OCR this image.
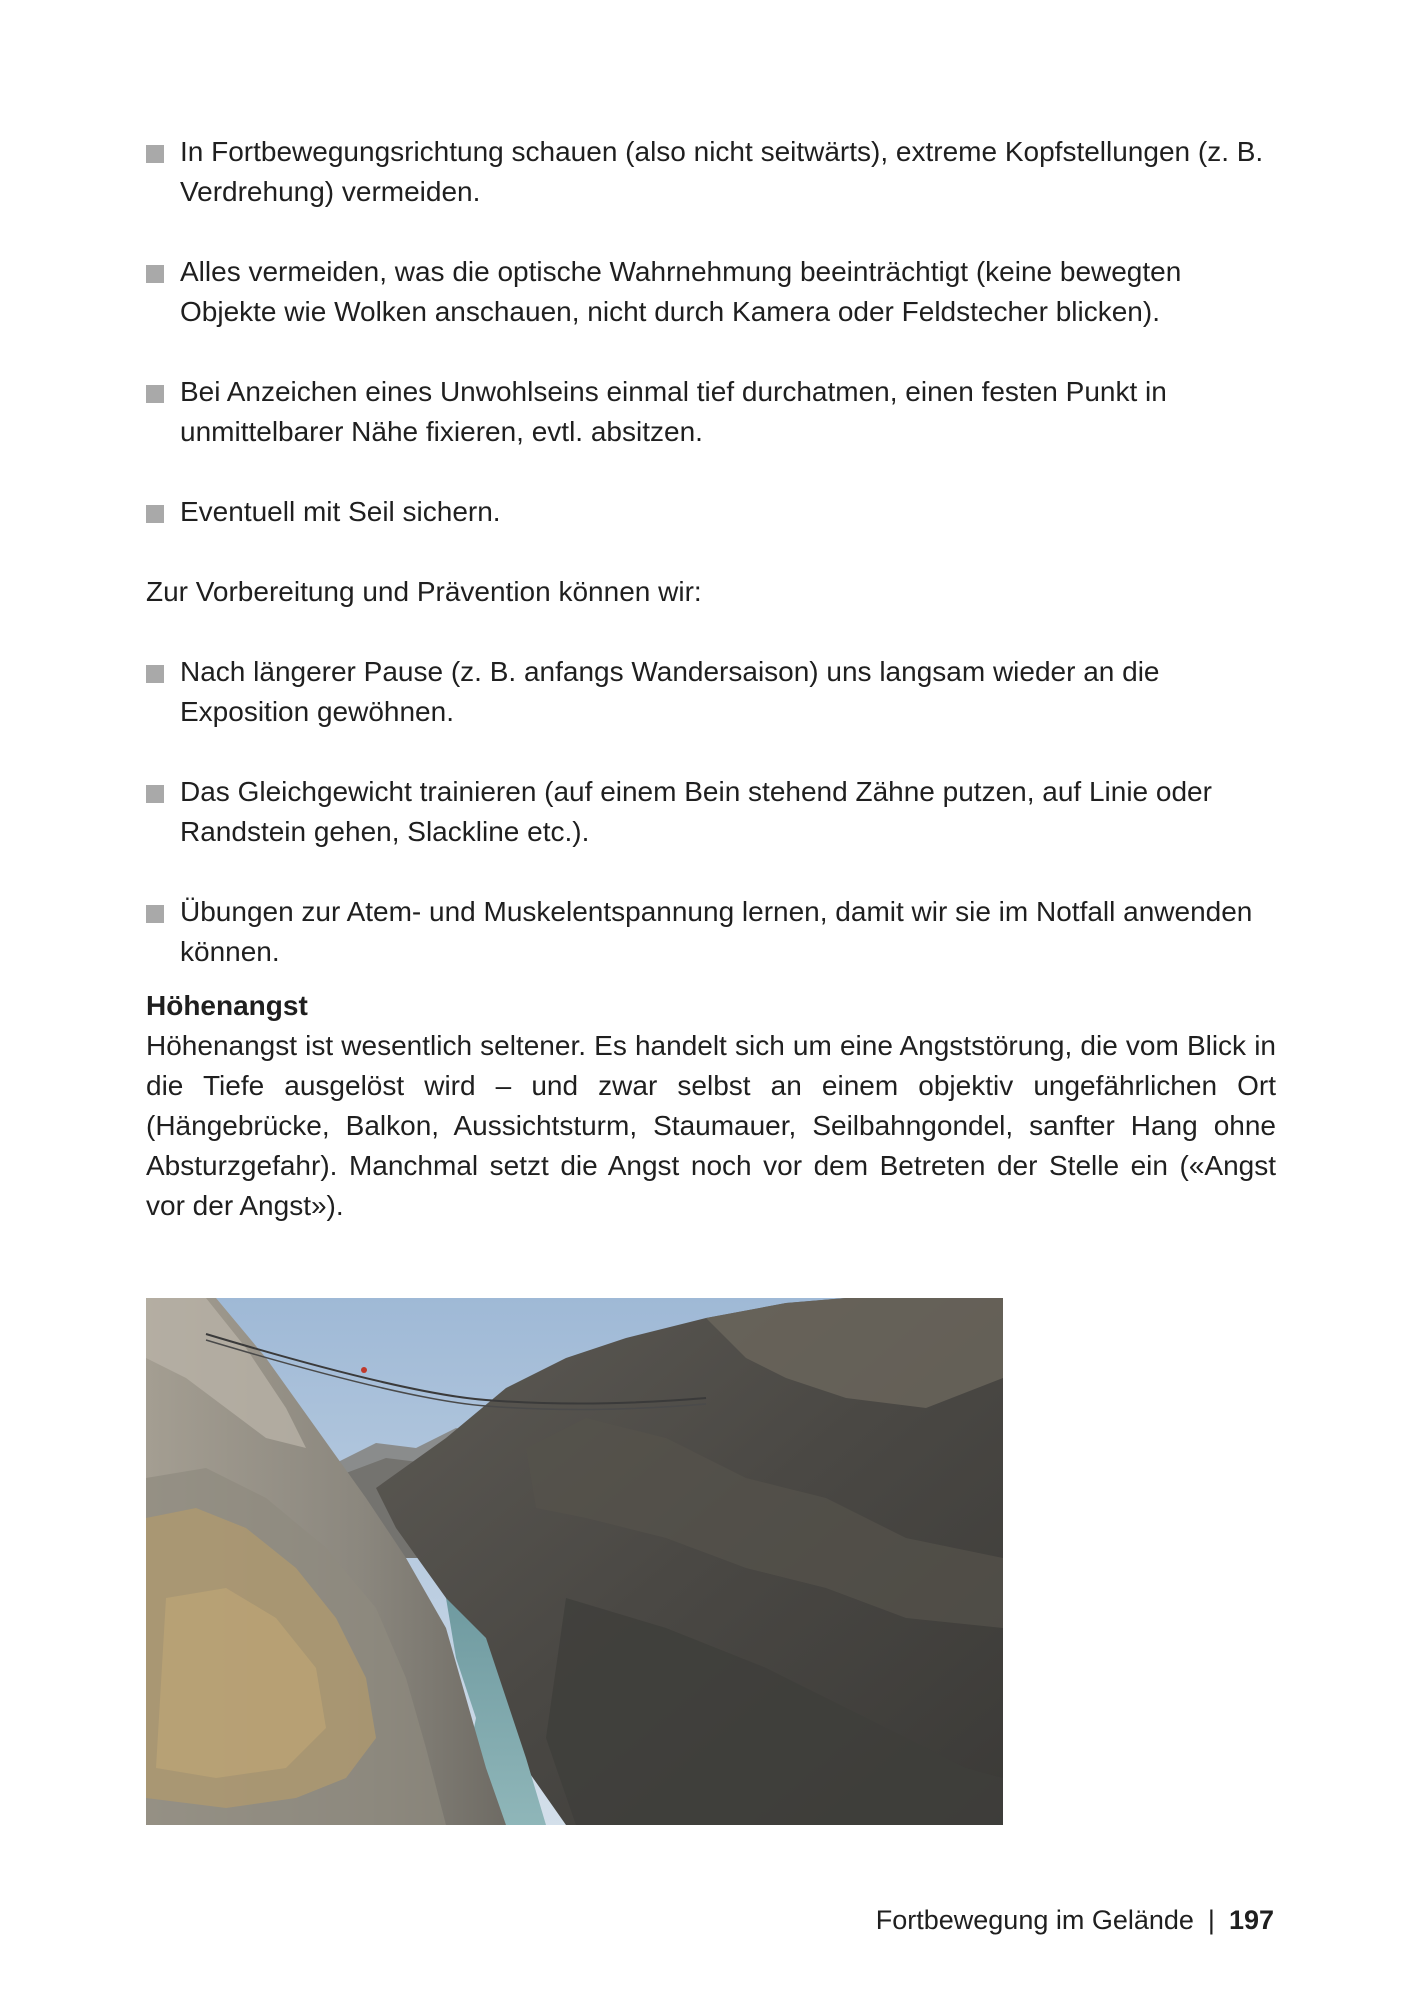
In Fortbewegungsrichtung schauen (also nicht seitwärts), extreme Kopfstellungen (z. B. Verdrehung) vermeiden.
Alles vermeiden, was die optische Wahrnehmung beeinträchtigt (keine bewegten Objekte wie Wolken anschauen, nicht durch Kamera oder Feldstecher blicken).
Bei Anzeichen eines Unwohlseins einmal tief durchatmen, einen festen Punkt in unmittelbarer Nähe fixieren, evtl. absitzen.
Eventuell mit Seil sichern.

Zur Vorbereitung und Prävention können wir:

Nach längerer Pause (z. B. anfangs Wandersaison) uns langsam wieder an die Exposition gewöhnen.
Das Gleichgewicht trainieren (auf einem Bein stehend Zähne putzen, auf Linie oder Randstein gehen, Slackline etc.).
Übungen zur Atem- und Muskelentspannung lernen, damit wir sie im Notfall anwenden können.
Höhenangst

Höhenangst ist wesentlich seltener. Es handelt sich um eine Angststörung, die vom Blick in die Tiefe ausgelöst wird – und zwar selbst an einem objektiv ungefährlichen Ort (Hängebrücke, Balkon, Aussichtsturm, Staumauer, Seilbahngondel, sanfter Hang ohne Absturzgefahr). Manchmal setzt die Angst noch vor dem Betreten der Stelle ein («Angst vor der Angst»).

Fortbewegung im Gelände | 197
